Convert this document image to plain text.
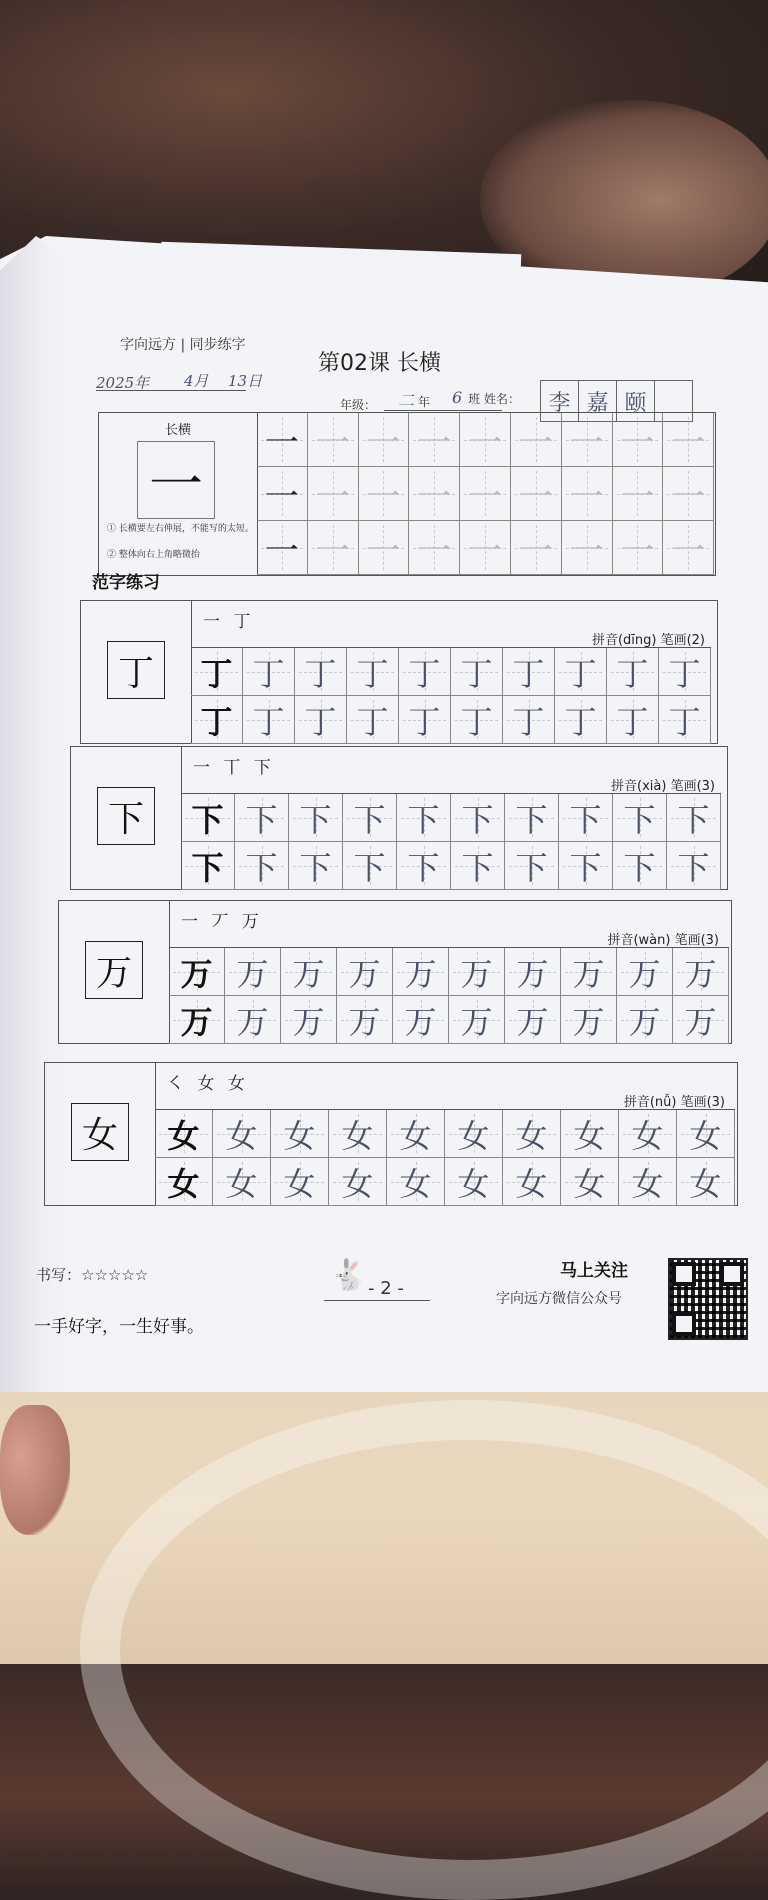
字向远方 | 同步练字
第02课 长横
2025年 4月 13日
年级： 二 年 6 班 姓名：	李 嘉 颐
长横
一
① 长横要左右伸展，不能写的太短。
② 整体向右上角略微抬
一 一 一 一 一 一 一 一 一
一 一 一 一 一 一 一 一 一
一 一 一 一 一 一 一 一 一
范字练习
丁
一 丁
拼音(dīng) 笔画(2)
丁 丁 丁 丁 丁 丁 丁 丁 丁 丁
丁 丁 丁 丁 丁 丁 丁 丁 丁 丁
下
一 丅 下
拼音(xià) 笔画(3)
下 下 下 下 下 下 下 下 下 下
下 下 下 下 下 下 下 下 下 下
万
一 丆 万
拼音(wàn) 笔画(3)
万 万 万 万 万 万 万 万 万 万
万 万 万 万 万 万 万 万 万 万
女
㇛ 女 女
拼音(nǚ) 笔画(3)
女 女 女 女 女 女 女 女 女 女
女 女 女 女 女 女 女 女 女 女
书写：☆☆☆☆☆
一手好字，一生好事。
🐇 - 2 -
马上关注
字向远方微信公众号
